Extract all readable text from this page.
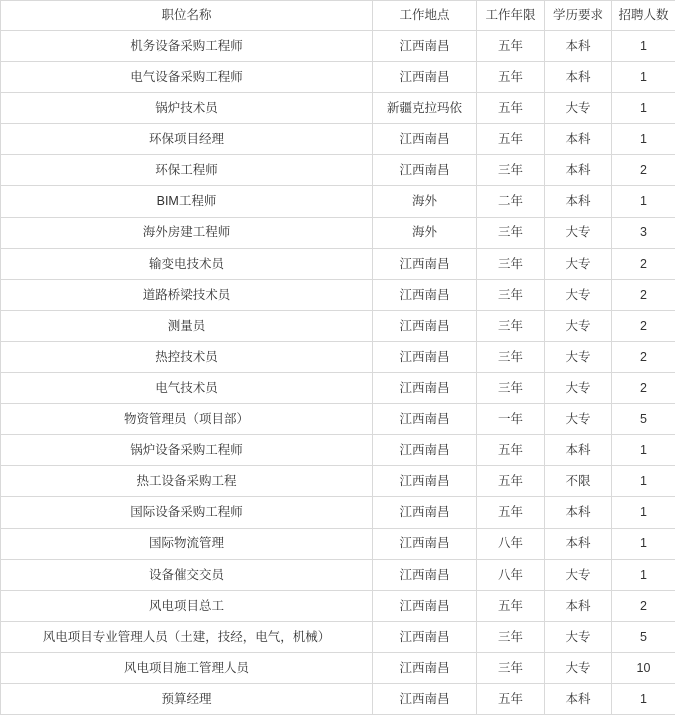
职位名称	工作地点	工作年限	学历要求	招聘人数
机务设备采购工程师	江西南昌	五年	本科	1
电气设备采购工程师	江西南昌	五年	本科	1
锅炉技术员	新疆克拉玛依	五年	大专	1
环保项目经理	江西南昌	五年	本科	1
环保工程师	江西南昌	三年	本科	2
BIM工程师	海外	二年	本科	1
海外房建工程师	海外	三年	大专	3
输变电技术员	江西南昌	三年	大专	2
道路桥梁技术员	江西南昌	三年	大专	2
测量员	江西南昌	三年	大专	2
热控技术员	江西南昌	三年	大专	2
电气技术员	江西南昌	三年	大专	2
物资管理员（项目部）	江西南昌	一年	大专	5
锅炉设备采购工程师	江西南昌	五年	本科	1
热工设备采购工程	江西南昌	五年	不限	1
国际设备采购工程师	江西南昌	五年	本科	1
国际物流管理	江西南昌	八年	本科	1
设备催交交员	江西南昌	八年	大专	1
风电项目总工	江西南昌	五年	本科	2
风电项目专业管理人员（土建，技经，电气，机械）	江西南昌	三年	大专	5
风电项目施工管理人员	江西南昌	三年	大专	10
预算经理	江西南昌	五年	本科	1
